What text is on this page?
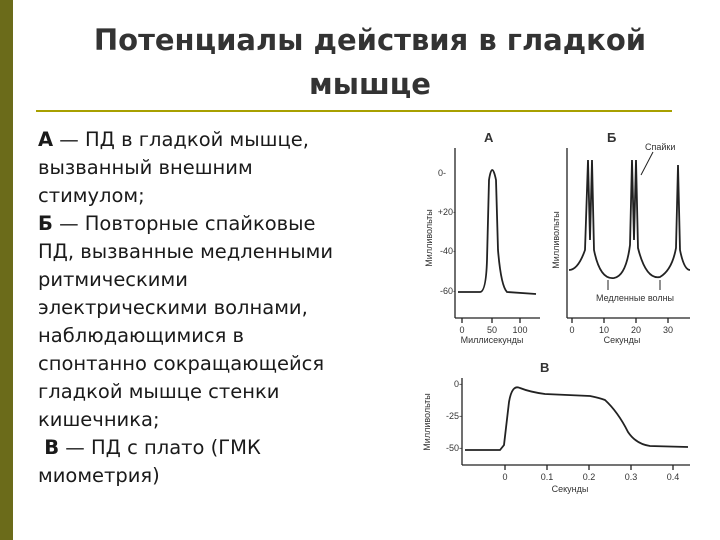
Потенциалы действия в гладкой
мышце
А — ПД в гладкой мышце,
вызванный внешним
стимулом;
Б — Повторные спайковые
ПД, вызванные медленными
ритмическими
электрическими волнами,
наблюдающимися в
спонтанно сокращающейся
гладкой мышце стенки
кишечника;
В — ПД с плато (ГМК
миометрия)
А
0-
+20-
-40-
-60-
0 50 100
Миллисекунды
Милливольты
Б
Спайки
Медленные волны
0	10 20 30
Секунды
Милливольты
В
0-
-25-
-50-
0	0.1	0.2	0.3	0.4
Секунды
Милливольты
